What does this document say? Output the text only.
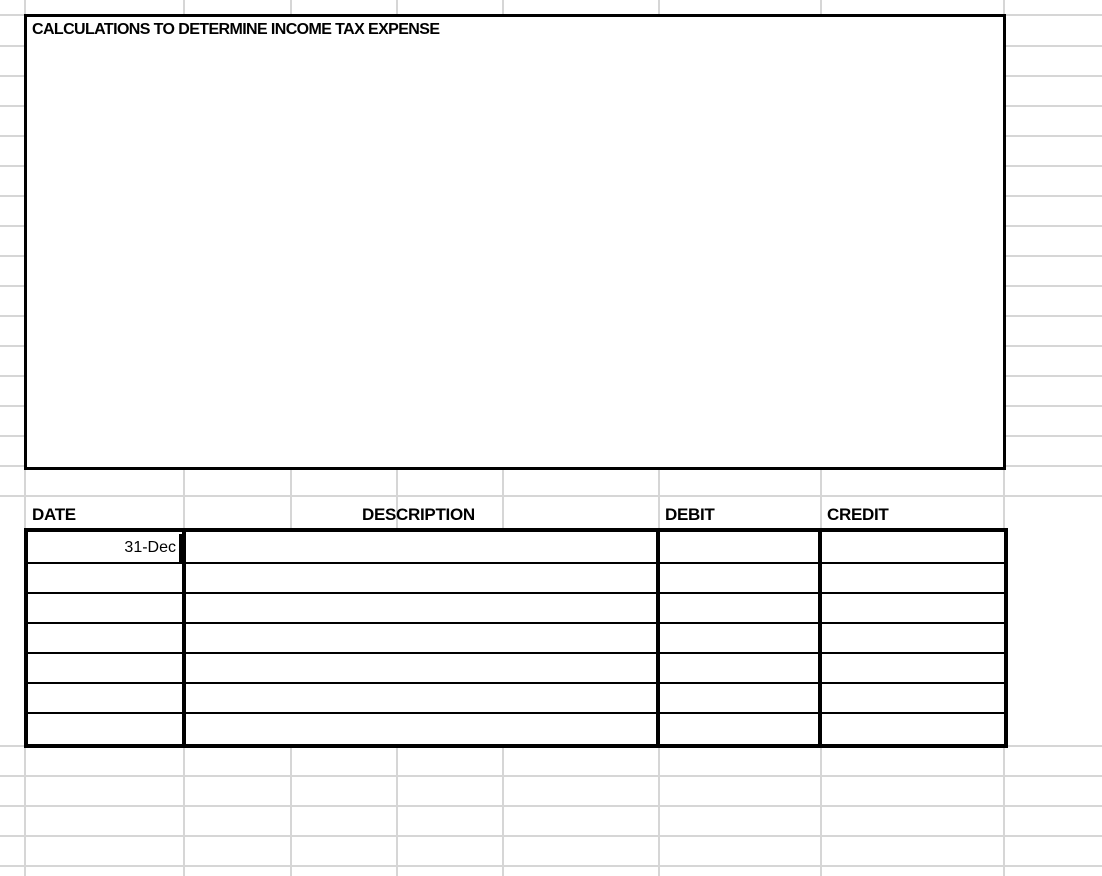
CALCULATIONS TO DETERMINE INCOME TAX EXPENSE
DATE	DESCRIPTION	DEBIT	CREDIT
31-Dec
